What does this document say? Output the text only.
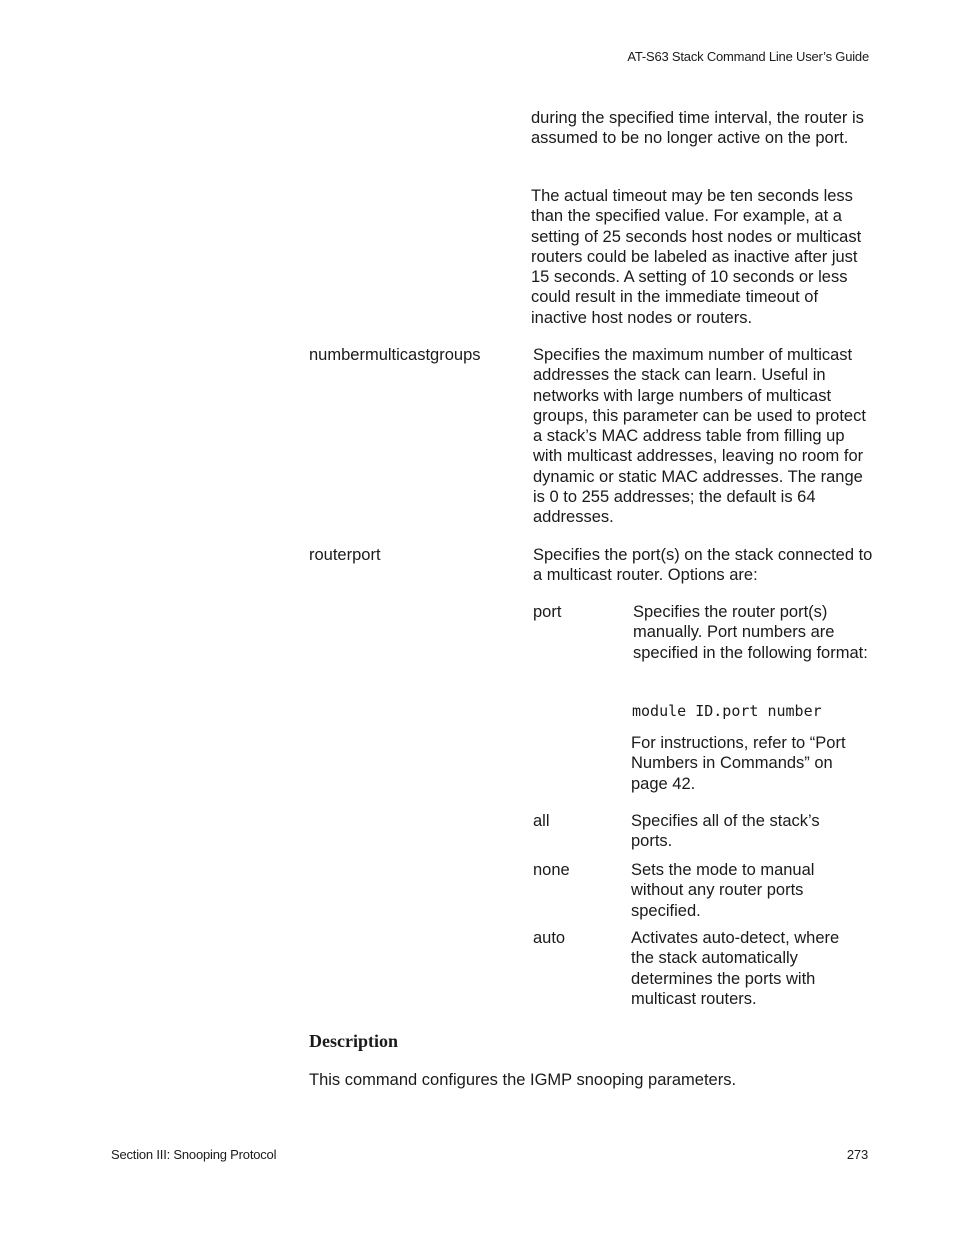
AT-S63 Stack Command Line User’s Guide

during the specified time interval, the router is assumed to be no longer active on the port.

The actual timeout may be ten seconds less than the specified value. For example, at a setting of 25 seconds host nodes or multicast routers could be labeled as inactive after just 15 seconds. A setting of 10 seconds or less could result in the immediate timeout of inactive host nodes or routers.

numbermulticastgroups	Specifies the maximum number of multicast addresses the stack can learn. Useful in networks with large numbers of multicast groups, this parameter can be used to protect a stack’s MAC address table from filling up with multicast addresses, leaving no room for dynamic or static MAC addresses. The range is 0 to 255 addresses; the default is 64 addresses.

routerport	Specifies the port(s) on the stack connected to a multicast router. Options are:

port	Specifies the router port(s) manually. Port numbers are specified in the following format:

module ID.port number

For instructions, refer to “Port Numbers in Commands” on page 42.

all	Specifies all of the stack’s ports.

none	Sets the mode to manual without any router ports specified.

auto	Activates auto-detect, where the stack automatically determines the ports with multicast routers.

Description

This command configures the IGMP snooping parameters.

Section III: Snooping Protocol	273
